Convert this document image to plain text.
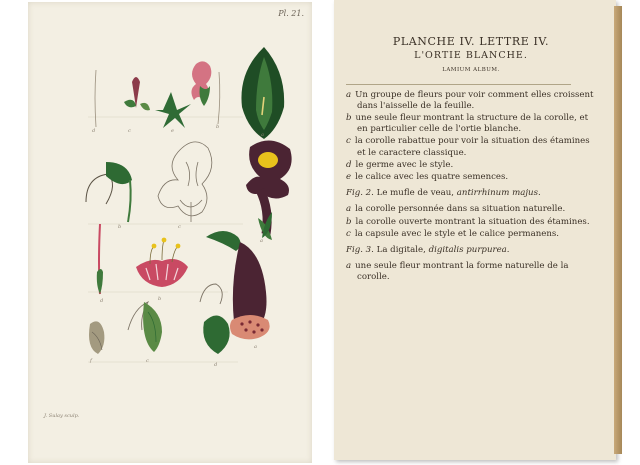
Pl. 21.
d	c	e
b
a
b	c
a
d	b
a
f	c
d
J. Sulay sculp.
PLANCHE IV. LETTRE IV.
L'ORTIE BLANCHE.
LAMIUM ALBUM.
a Un groupe de fleurs pour voir comment elles croissent dans l'aisselle de la feuille.
b une seule fleur montrant la structure de la corolle, et en particulier celle de l'ortie blanche.
c la corolle rabattue pour voir la situation des étamines et le caractere classique.
d le germe avec le style.
e le calice avec les quatre semences.
Fig. 2. Le mufle de veau, antirrhinum majus.
a la corolle personnée dans sa situation naturelle.
b la corolle ouverte montrant la situation des étamines.
c la capsule avec le style et le calice permanens.
Fig. 3. La digitale, digitalis purpurea.
a une seule fleur montrant la forme naturelle de la corolle.
